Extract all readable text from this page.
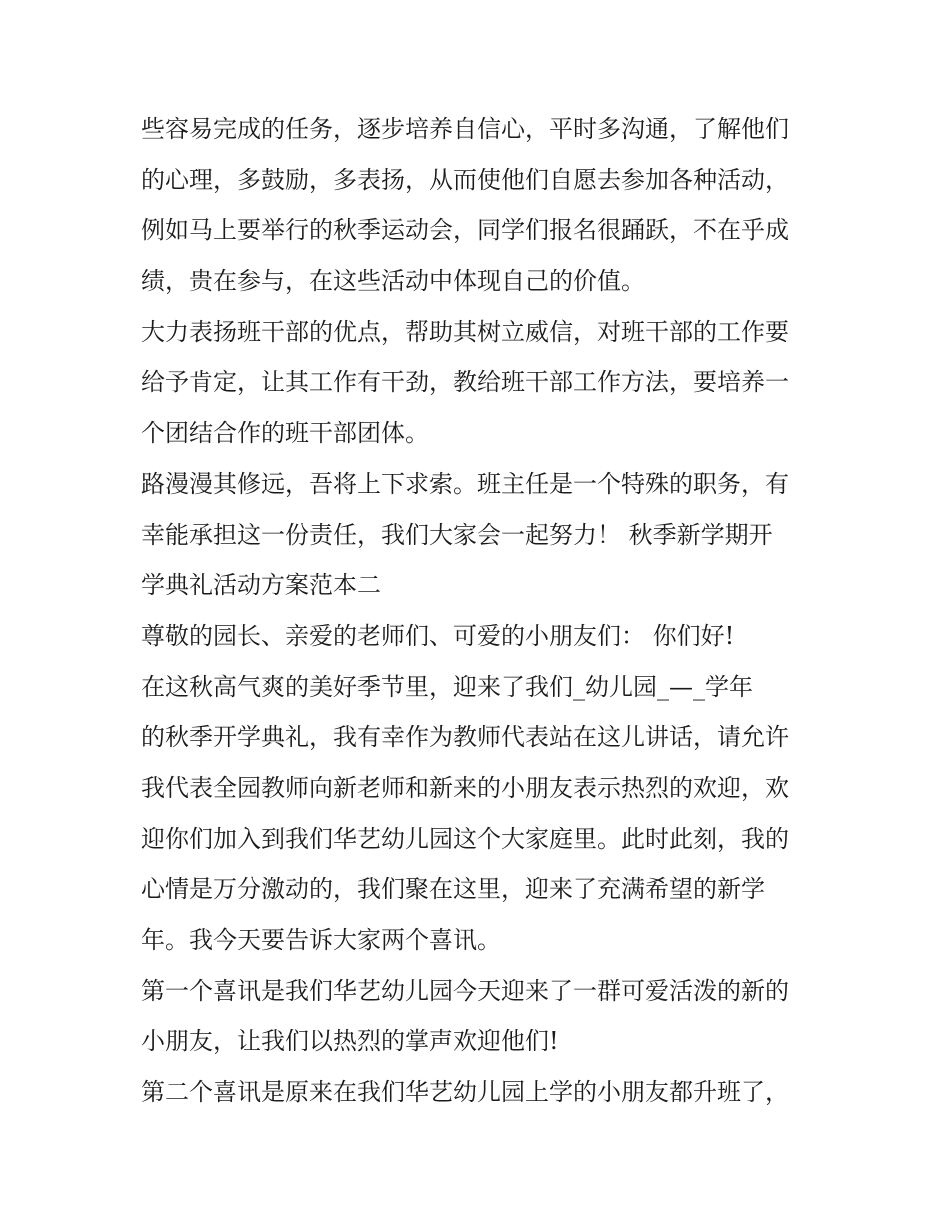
些容易完成的任务，逐步培养自信心，平时多沟通，了解他们
的心理，多鼓励，多表扬，从而使他们自愿去参加各种活动，
例如马上要举行的秋季运动会，同学们报名很踊跃，不在乎成
绩，贵在参与，在这些活动中体现自己的价值。
大力表扬班干部的优点，帮助其树立威信，对班干部的工作要
给予肯定，让其工作有干劲，教给班干部工作方法，要培养一
个团结合作的班干部团体。
路漫漫其修远，吾将上下求索。班主任是一个特殊的职务，有
幸能承担这一份责任，我们大家会一起努力！ 秋季新学期开
学典礼活动方案范本二
尊敬的园长、亲爱的老师们、可爱的小朋友们： 你们好!
在这秋高气爽的美好季节里，迎来了我们_幼儿园_—_学年
的秋季开学典礼，我有幸作为教师代表站在这儿讲话，请允许
我代表全园教师向新老师和新来的小朋友表示热烈的欢迎，欢
迎你们加入到我们华艺幼儿园这个大家庭里。此时此刻，我的
心情是万分激动的，我们聚在这里，迎来了充满希望的新学
年。我今天要告诉大家两个喜讯。
第一个喜讯是我们华艺幼儿园今天迎来了一群可爱活泼的新的
小朋友，让我们以热烈的掌声欢迎他们!
第二个喜讯是原来在我们华艺幼儿园上学的小朋友都升班了，
